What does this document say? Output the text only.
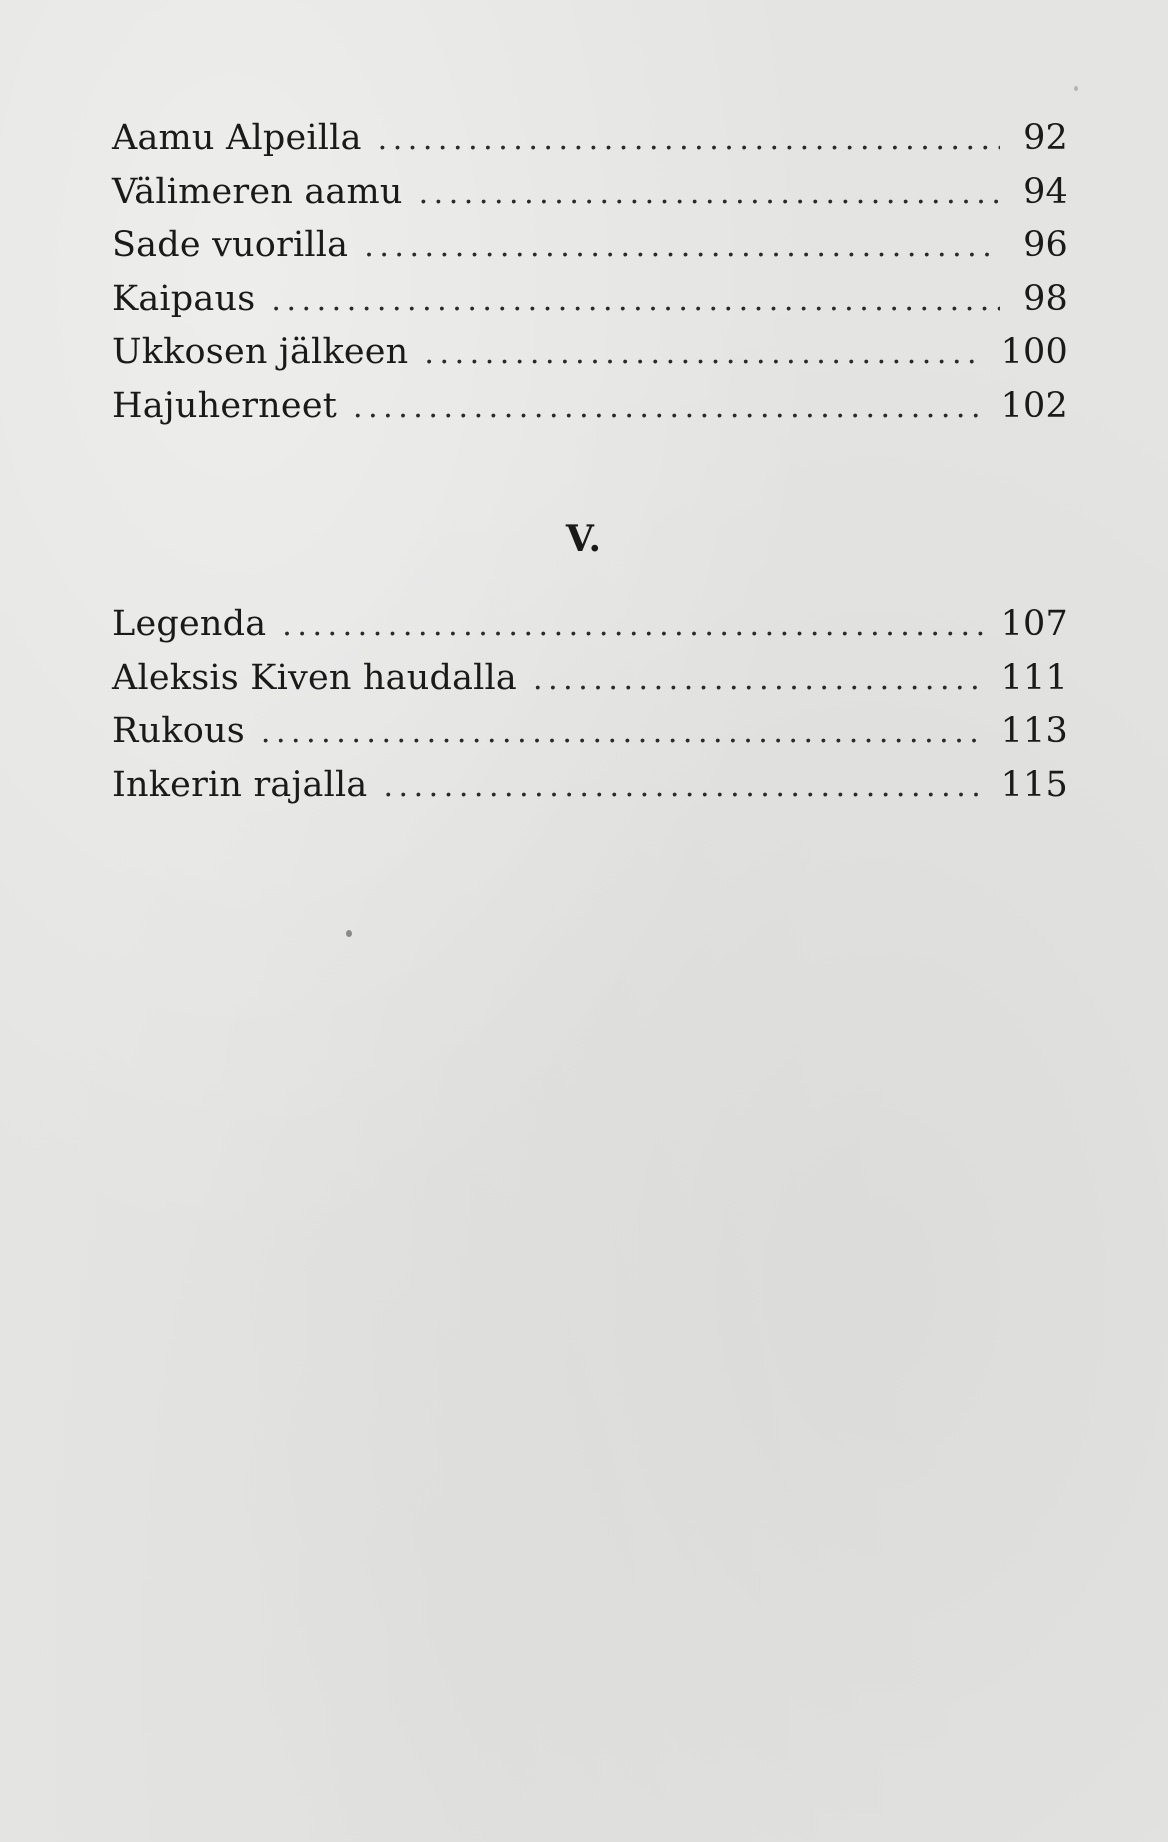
Aamu Alpeilla . . .	92
Välimeren aamu . . .	94
Sade vuorilla . . .	96
Kaipaus . . .	98
Ukkosen jälkeen . . .	100
Hajuherneet . . .	102
V.
Legenda . . .	107
Aleksis Kiven haudalla . . .	111
Rukous . . .	113
Inkerin rajalla . . .	115
